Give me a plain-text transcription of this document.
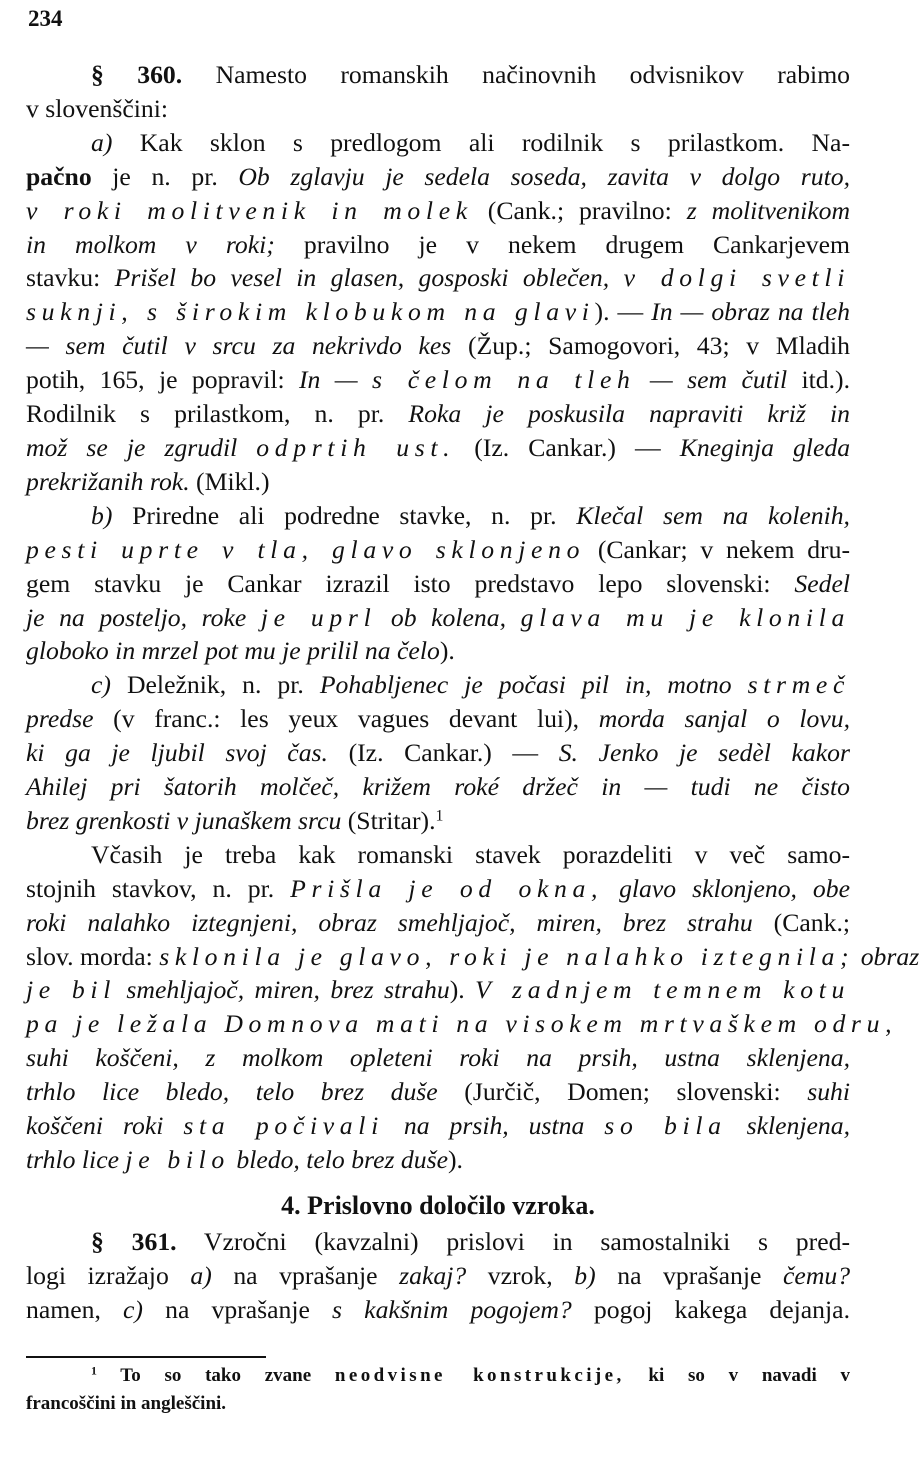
234
§ 360. Namesto romanskih načinovnih odvisnikov rabimo
v slovenščini:
a) Kak sklon s predlogom ali rodilnik s prilastkom. Na-
pačno je n. pr. Ob zglavju je sedela soseda, zavita v dolgo ruto,
v roki molitvenik in molek (Cank.; pravilno: z molitvenikom
in molkom v roki; pravilno je v nekem drugem Cankarjevem
stavku: Prišel bo vesel in glasen, gosposki oblečen, v dolgi svetli
suknji, s širokim klobukom na glavi). — In — obraz na tleh
— sem čutil v srcu za nekrivdo kes (Žup.; Samogovori, 43; v Mladih
potih, 165, je popravil: In — s čelom na tleh — sem čutil itd.).
Rodilnik s prilastkom, n. pr. Roka je poskusila napraviti križ in
mož se je zgrudil odprtih ust. (Iz. Cankar.) — Kneginja gleda
prekrižanih rok. (Mikl.)
b) Priredne ali podredne stavke, n. pr. Klečal sem na kolenih,
pesti uprte v tla, glavo sklonjeno (Cankar; v nekem dru-
gem stavku je Cankar izrazil isto predstavo lepo slovenski: Sedel
je na posteljo, roke je uprl ob kolena, glava mu je klonila
globoko in mrzel pot mu je prilil na čelo).
c) Deležnik, n. pr. Pohabljenec je počasi pil in, motno strmeč
predse (v franc.: les yeux vagues devant lui), morda sanjal o lovu,
ki ga je ljubil svoj čas. (Iz. Cankar.) — S. Jenko je sedèl kakor
Ahilej pri šatorih molčeč, križem roké držeč in — tudi ne čisto
brez grenkosti v junaškem srcu (Stritar).$^1$
Včasih je treba kak romanski stavek porazdeliti v več samo-
stojnih stavkov, n. pr. Prišla je od okna, glavo sklonjeno, obe
roki nalahko iztegnjeni, obraz smehljajoč, miren, brez strahu (Cank.;
slov. morda: sklonila je glavo, roki je nalahko iztegnila; obraz
je bil smehljajoč, miren, brez strahu). V zadnjem temnem kotu
pa je ležala Domnova mati na visokem mrtvaškem odru,
suhi koščeni, z molkom opleteni roki na prsih, ustna sklenjena,
trhlo lice bledo, telo brez duše (Jurčič, Domen; slovenski: suhi
koščeni roki sta počivali na prsih, ustna so bila sklenjena,
trhlo lice je bilo bledo, telo brez duše).
4. Prislovno določilo vzroka.
§ 361. Vzročni (kavzalni) prislovi in samostalniki s pred-
logi izražajo a) na vprašanje zakaj? vzrok, b) na vprašanje čemu?
namen, c) na vprašanje s kakšnim pogojem? pogoj kakega dejanja.
$^1$ To so tako zvane neodvisne konstrukcije, ki so v navadi v
francoščini in angleščini.
